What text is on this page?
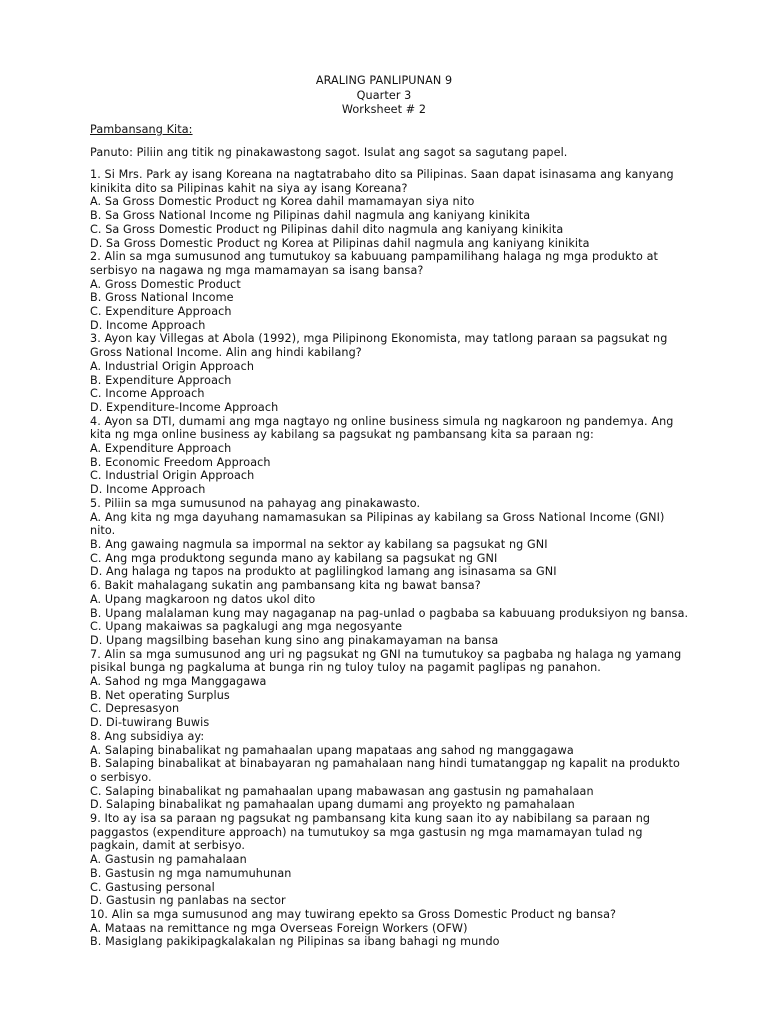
ARALING PANLIPUNAN 9
Quarter 3
Worksheet # 2
Pambansang Kita:
Panuto: Piliin ang titik ng pinakawastong sagot. Isulat ang sagot sa sagutang papel.
1. Si Mrs. Park ay isang Koreana na nagtatrabaho dito sa Pilipinas. Saan dapat isinasama ang kanyang kinikita dito sa Pilipinas kahit na siya ay isang Koreana?
A. Sa Gross Domestic Product ng Korea dahil mamamayan siya nito
B. Sa Gross National Income ng Pilipinas dahil nagmula ang kaniyang kinikita
C. Sa Gross Domestic Product ng Pilipinas dahil dito nagmula ang kaniyang kinikita
D. Sa Gross Domestic Product ng Korea at Pilipinas dahil nagmula ang kaniyang kinikita
2. Alin sa mga sumusunod ang tumutukoy sa kabuuang pampamilihang halaga ng mga produkto at serbisyo na nagawa ng mga mamamayan sa isang bansa?
A. Gross Domestic Product
B. Gross National Income
C. Expenditure Approach
D. Income Approach
3. Ayon kay Villegas at Abola (1992), mga Pilipinong Ekonomista, may tatlong paraan sa pagsukat ng Gross National Income. Alin ang hindi kabilang?
A. Industrial Origin Approach
B. Expenditure Approach
C. Income Approach
D. Expenditure-Income Approach
4. Ayon sa DTI, dumami ang mga nagtayo ng online business simula ng nagkaroon ng pandemya. Ang kita ng mga online business ay kabilang sa pagsukat ng pambansang kita sa paraan ng:
A. Expenditure Approach
B. Economic Freedom Approach
C. Industrial Origin Approach
D. Income Approach
5. Piliin sa mga sumusunod na pahayag ang pinakawasto.
A. Ang kita ng mga dayuhang namamasukan sa Pilipinas ay kabilang sa Gross National Income (GNI) nito.
B. Ang gawaing nagmula sa impormal na sektor ay kabilang sa pagsukat ng GNI
C. Ang mga produktong segunda mano ay kabilang sa pagsukat ng GNI
D. Ang halaga ng tapos na produkto at paglilingkod lamang ang isinasama sa GNI
6. Bakit mahalagang sukatin ang pambansang kita ng bawat bansa?
A. Upang magkaroon ng datos ukol dito
B. Upang malalaman kung may nagaganap na pag-unlad o pagbaba sa kabuuang produksiyon ng bansa.
C. Upang makaiwas sa pagkalugi ang mga negosyante
D. Upang magsilbing basehan kung sino ang pinakamayaman na bansa
7. Alin sa mga sumusunod ang uri ng pagsukat ng GNI na tumutukoy sa pagbaba ng halaga ng yamang pisikal bunga ng pagkaluma at bunga rin ng tuloy tuloy na pagamit paglipas ng panahon.
A. Sahod ng mga Manggagawa
B. Net operating Surplus
C. Depresasyon
D. Di-tuwirang Buwis
8. Ang subsidiya ay:
A. Salaping binabalikat ng pamahaalan upang mapataas ang sahod ng manggagawa
B. Salaping binabalikat at binabayaran ng pamahalaan nang hindi tumatanggap ng kapalit na produkto o serbisyo.
C. Salaping binabalikat ng pamahaalan upang mabawasan ang gastusin ng pamahalaan
D. Salaping binabalikat ng pamahaalan upang dumami ang proyekto ng pamahalaan
9. Ito ay isa sa paraan ng pagsukat ng pambansang kita kung saan ito ay nabibilang sa paraan ng paggastos (expenditure approach) na tumutukoy sa mga gastusin ng mga mamamayan tulad ng pagkain, damit at serbisyo.
A. Gastusin ng pamahalaan
B. Gastusin ng mga namumuhunan
C. Gastusing personal
D. Gastusin ng panlabas na sector
10. Alin sa mga sumusunod ang may tuwirang epekto sa Gross Domestic Product ng bansa?
A. Mataas na remittance ng mga Overseas Foreign Workers (OFW)
B. Masiglang pakikipagkalakalan ng Pilipinas sa ibang bahagi ng mundo
